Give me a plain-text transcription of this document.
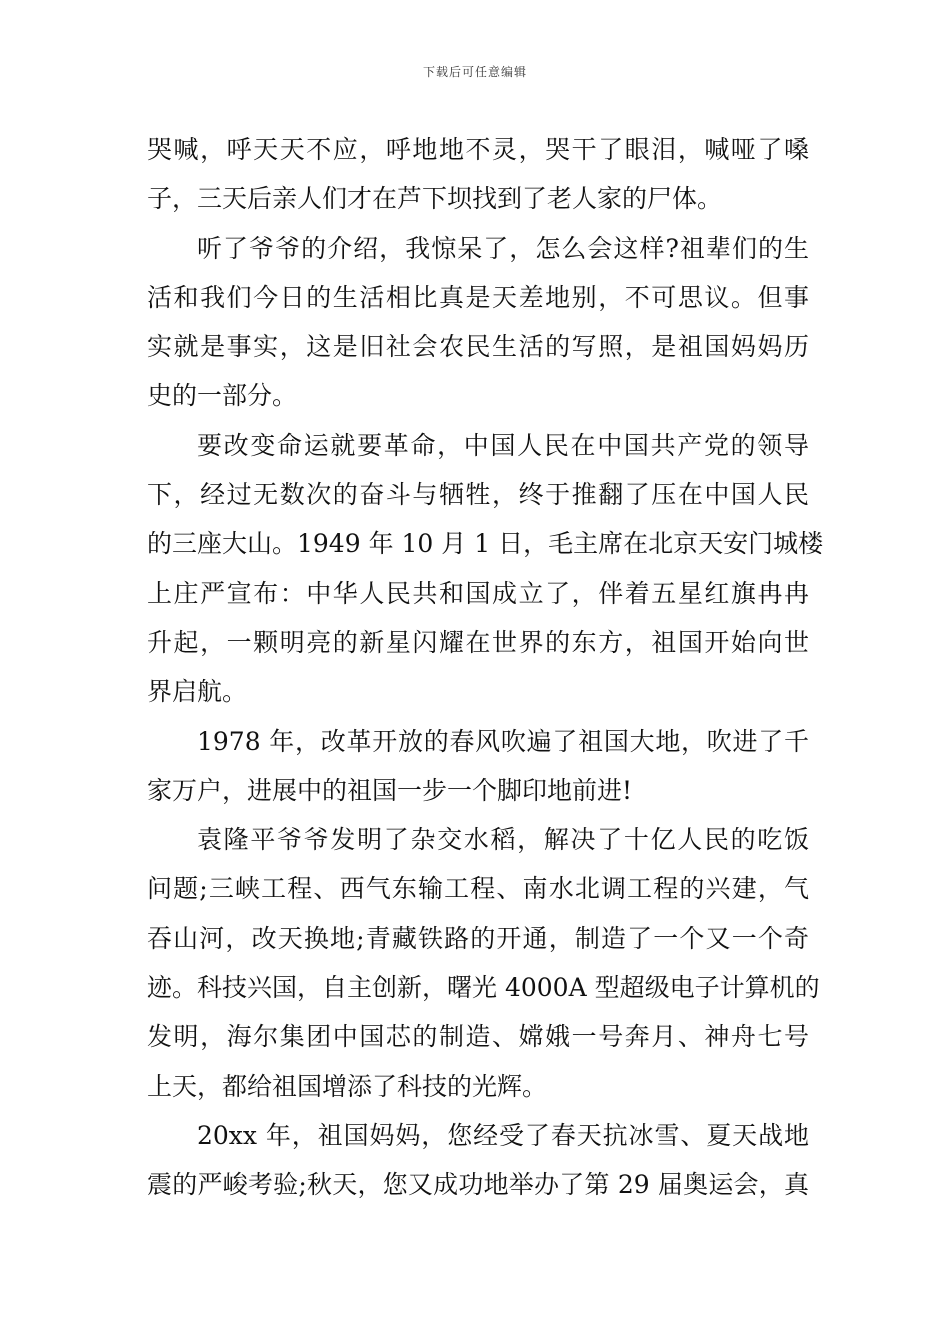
下载后可任意编辑
哭喊，呼天天不应，呼地地不灵，哭干了眼泪，喊哑了嗓
子，三天后亲人们才在芦下坝找到了老人家的尸体。
听了爷爷的介绍，我惊呆了，怎么会这样?祖辈们的生
活和我们今日的生活相比真是天差地别，不可思议。但事
实就是事实，这是旧社会农民生活的写照，是祖国妈妈历
史的一部分。
要改变命运就要革命，中国人民在中国共产党的领导
下，经过无数次的奋斗与牺牲，终于推翻了压在中国人民
的三座大山。1949 年 10 月 1 日，毛主席在北京天安门城楼
上庄严宣布：中华人民共和国成立了，伴着五星红旗冉冉
升起，一颗明亮的新星闪耀在世界的东方，祖国开始向世
界启航。
1978 年，改革开放的春风吹遍了祖国大地，吹进了千
家万户，进展中的祖国一步一个脚印地前进!
袁隆平爷爷发明了杂交水稻，解决了十亿人民的吃饭
问题;三峡工程、西气东输工程、南水北调工程的兴建，气
吞山河，改天换地;青藏铁路的开通，制造了一个又一个奇
迹。科技兴国，自主创新，曙光 4000A 型超级电子计算机的
发明，海尔集团中国芯的制造、嫦娥一号奔月、神舟七号
上天，都给祖国增添了科技的光辉。
20xx 年，祖国妈妈，您经受了春天抗冰雪、夏天战地
震的严峻考验;秋天，您又成功地举办了第 29 届奥运会，真
